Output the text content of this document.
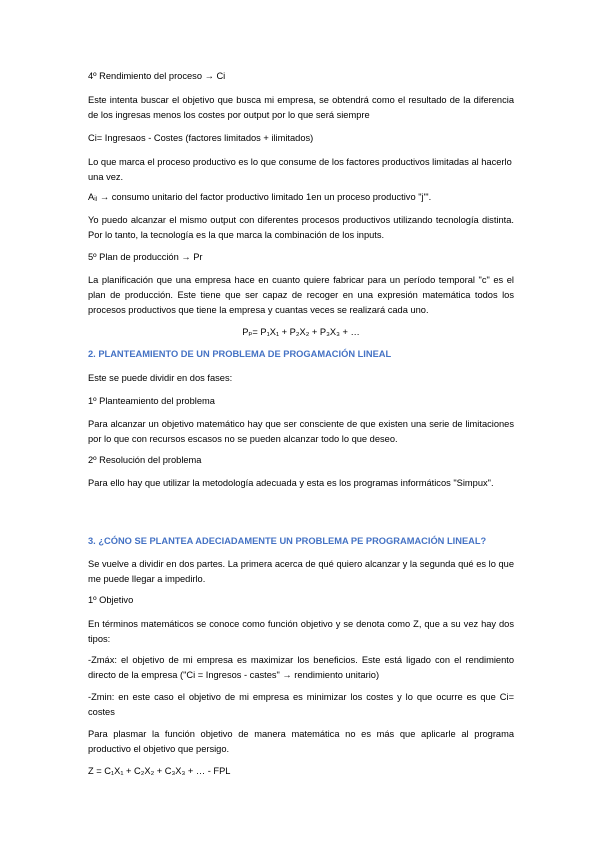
4º Rendimiento del proceso → Ci

Este intenta buscar el objetivo que busca mi empresa, se obtendrá como el resultado de la diferencia de los ingresas menos los costes por output por lo que será siempre

Ci= Ingresaos - Costes (factores limitados + ilimitados)

Lo que marca el proceso productivo es lo que consume de los factores productivos limitadas al hacerlo una vez.

Aᵢⱼ → consumo unitario del factor productivo limitado 1en un proceso productivo "j"'.

Yo puedo alcanzar el mismo output con diferentes procesos productivos utilizando tecnología distinta. Por lo tanto, la tecnología es la que marca la combinación de los inputs.

5º Plan de producción → Pr

La planificación que una empresa hace en cuanto quiere fabricar para un período temporal "c" es el plan de producción. Este tiene que ser capaz de recoger en una expresión matemática todos los procesos productivos que tiene la empresa y cuantas veces se realizará cada uno.

Pₚ= P₁X₁ + P₂X₂ + P₃X₃ + …

2. PLANTEAMIENTO DE UN PROBLEMA DE PROGAMACIÓN LINEAL

Este se puede dividir en dos fases:

1º Planteamiento del problema

Para alcanzar un objetivo matemático hay que ser consciente de que existen una serie de limitaciones por lo que con recursos escasos no se pueden alcanzar todo lo que deseo.

2º Resolución del problema

Para ello hay que utilizar la metodología adecuada y esta es los programas informáticos "Simpux".

3. ¿CÓNO SE PLANTEA ADECIADAMENTE UN PROBLEMA PE PROGRAMACIÓN LINEAL?

Se vuelve a dividir en dos partes. La primera acerca de qué quiero alcanzar y la segunda qué es lo que me puede llegar a impedirlo.

1º Objetivo

En términos matemáticos se conoce como función objetivo y se denota como Z, que a su vez hay dos tipos:

-Zmáx: el objetivo de mi empresa es maximizar los beneficios. Este está ligado con el rendimiento directo de la empresa ("Ci = Ingresos - castes" → rendimiento unitario)

-Zmin: en este caso el objetivo de mi empresa es minimizar los costes y lo que ocurre es que Ci= costes

Para plasmar la función objetivo de manera matemática no es más que aplicarle al programa productivo el objetivo que persigo.

Z = C₁X₁ + C₂X₂ + C₃X₃ + … - FPL
